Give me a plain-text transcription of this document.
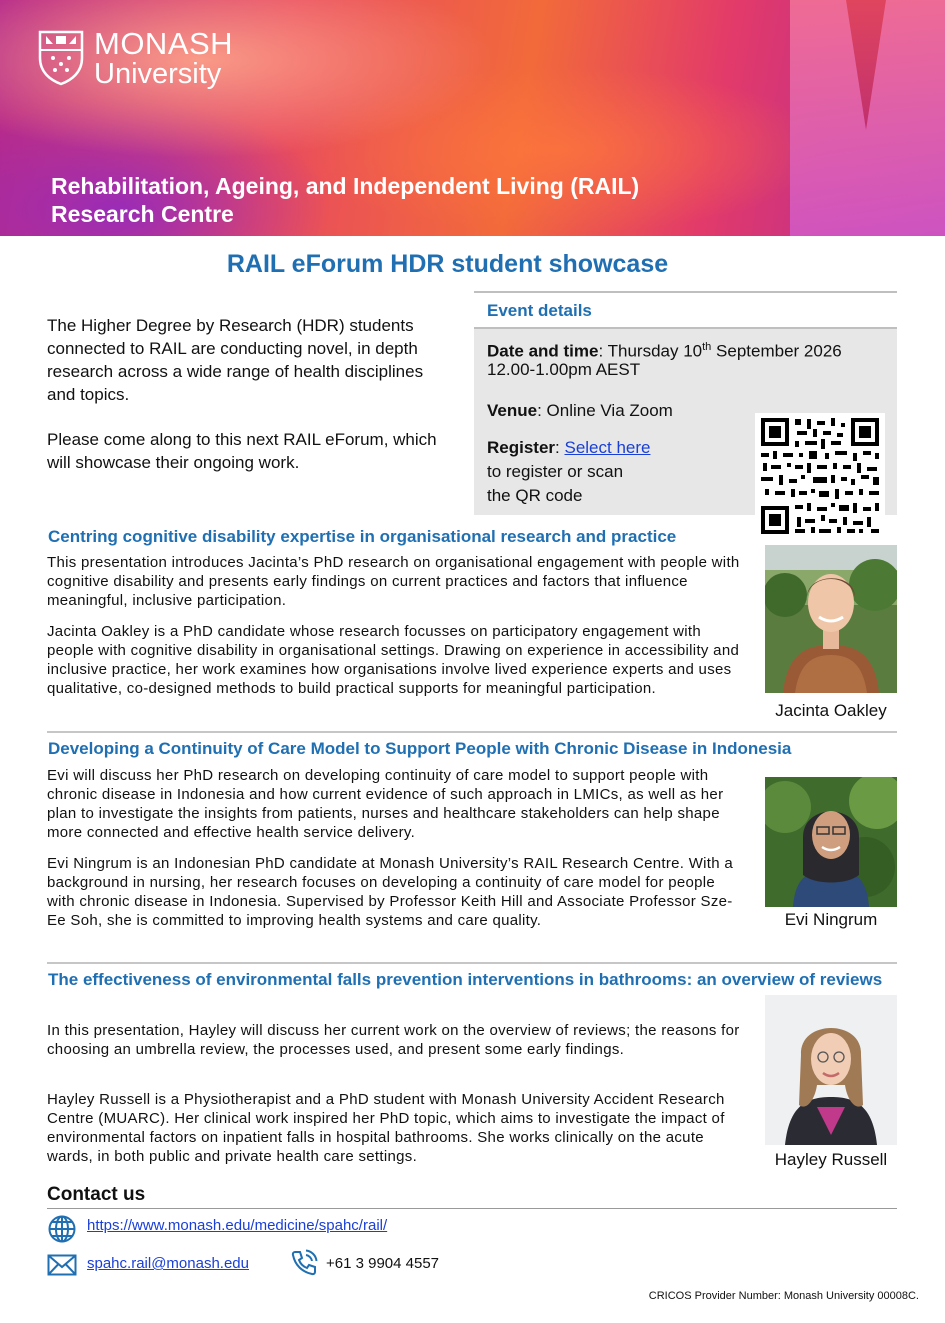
MONASH
University
Rehabilitation, Ageing, and Independent Living (RAIL)
Research Centre
RAIL eForum HDR student showcase

The Higher Degree by Research (HDR) students connected to RAIL are conducting novel, in depth research across a wide range of health disciplines and topics.

Please come along to this next RAIL eForum, which will showcase their ongoing work.

Event details
Date and time: Thursday 10th September 2026
12.00-1.00pm AEST
Venue: Online Via Zoom
Register: Select here
to register or scan
the QR code
Centring cognitive disability expertise in organisational research and practice
This presentation introduces Jacinta’s PhD research on organisational engagement with people with cognitive disability and presents early findings on current practices and factors that influence meaningful, inclusive participation.
Jacinta Oakley is a PhD candidate whose research focusses on participatory engagement with people with cognitive disability in organisational settings. Drawing on experience in accessibility and inclusive practice, her work examines how organisations involve lived experience experts and uses qualitative, co-designed methods to build practical supports for meaningful participation.
Jacinta Oakley
Developing a Continuity of Care Model to Support People with Chronic Disease in Indonesia
Evi will discuss her PhD research on developing continuity of care model to support people with chronic disease in Indonesia and how current evidence of such approach in LMICs, as well as her plan to investigate the insights from patients, nurses and healthcare stakeholders can help shape more connected and effective health service delivery.
Evi Ningrum is an Indonesian PhD candidate at Monash University’s RAIL Research Centre. With a background in nursing, her research focuses on developing a continuity of care model for people with chronic disease in Indonesia. Supervised by Professor Keith Hill and Associate Professor Sze-Ee Soh, she is committed to improving health systems and care quality.	Evi Ningrum
The effectiveness of environmental falls prevention interventions in bathrooms: an overview of reviews
In this presentation, Hayley will discuss her current work on the overview of reviews; the reasons for choosing an umbrella review, the processes used, and present some early findings.
Hayley Russell is a Physiotherapist and a PhD student with Monash University Accident Research Centre (MUARC). Her clinical work inspired her PhD topic, which aims to investigate the impact of environmental factors on inpatient falls in hospital bathrooms. She works clinically on the acute wards, in both public and private health care settings.	Hayley Russell
Contact us
https://www.monash.edu/medicine/spahc/rail/
spahc.rail@monash.edu	+61 3 9904 4557
CRICOS Provider Number: Monash University 00008C.
